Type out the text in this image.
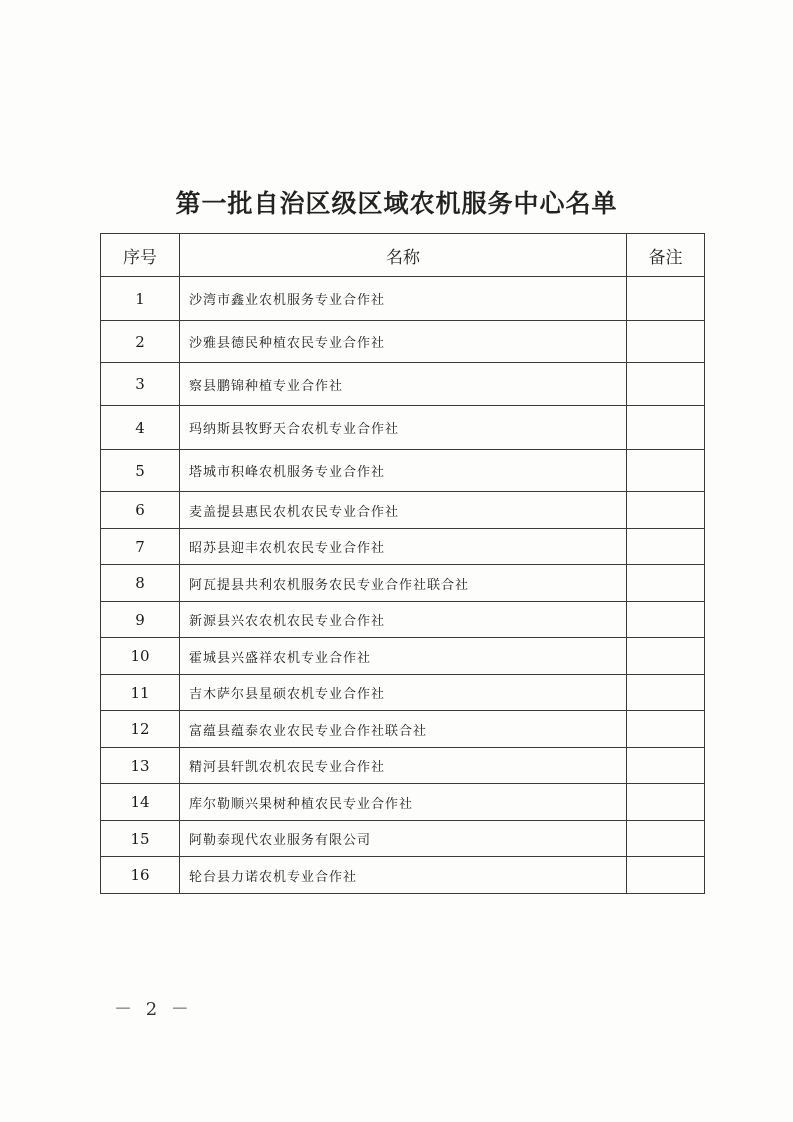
第一批自治区级区域农机服务中心名单
序号	名称	备注
1	沙湾市鑫业农机服务专业合作社	
2	沙雅县德民种植农民专业合作社	
3	察县鹏锦种植专业合作社	
4	玛纳斯县牧野天合农机专业合作社	
5	塔城市积峰农机服务专业合作社	
6	麦盖提县惠民农机农民专业合作社	
7	昭苏县迎丰农机农民专业合作社	
8	阿瓦提县共利农机服务农民专业合作社联合社	
9	新源县兴农农机农民专业合作社	
10	霍城县兴盛祥农机专业合作社	
11	吉木萨尔县星硕农机专业合作社	
12	富蕴县蕴泰农业农民专业合作社联合社	
13	精河县轩凯农机农民专业合作社	
14	库尔勒顺兴果树种植农民专业合作社	
15	阿勒泰现代农业服务有限公司	
16	轮台县力诺农机专业合作社	
－ 2 －
